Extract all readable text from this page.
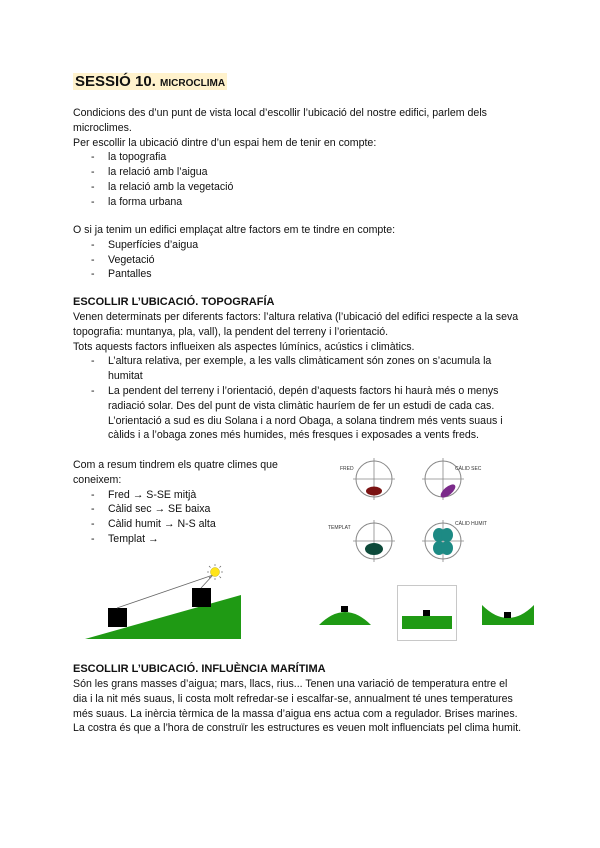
SESSIÓ 10. MICROCLIMA
Condicions des d’un punt de vista local d’escollir l’ubicació del nostre edifici, parlem dels microclimes.
Per escollir la ubicació dintre d’un espai hem de tenir en compte:
- la topografia
- la relació amb l’aigua
- la relació amb la vegetació
- la forma urbana
O si ja tenim un edifici emplaçat altre factors em te tindre en compte:
- Superfícies d’aigua
- Vegetació
- Pantalles
ESCOLLIR L’UBICACIÓ. TOPOGRAFÍA
Venen determinats per diferents factors: l’altura relativa (l’ubicació del edifici respecte a la seva topografia: muntanya, pla, vall), la pendent del terreny i l’orientació.
Tots aquests factors influeixen als aspectes lúmínics, acústics i climàtics.
- L’altura relativa, per exemple, a les valls climàticament són zones on s’acumula la humitat
- La pendent del terreny i l’orientació, depén d’aquests factors hi haurà més o menys radiació solar. Des del punt de vista climàtic hauríem de fer un estudi de cada cas. L’orientació a sud es diu Solana i a nord Obaga, a solana tindrem més vents suaus i càlids i a l’obaga zones més humides, més fresques i exposades a vents freds.
Com a resum tindrem els quatre climes que coneixem:
- Fred → S-SE mitjà
- Càlid sec → SE baixa
- Càlid humit → N-S alta
- Templat →
FRED	CÀLID SEC
TEMPLAT
CÀLID HUMIT
ESCOLLIR L’UBICACIÓ. INFLUÈNCIA MARÍTIMA
Són les grans masses d’aigua; mars, llacs, rius... Tenen una variació de temperatura entre el dia i la nit més suaus, li costa molt refredar-se i escalfar-se, annualment té unes temperatures més suaus. La inèrcia tèrmica de la massa d’aigua ens actua com a regulador. Brises marines.
La costra és que a l’hora de construïr les estructures es veuen molt influenciats pel clima humit.
